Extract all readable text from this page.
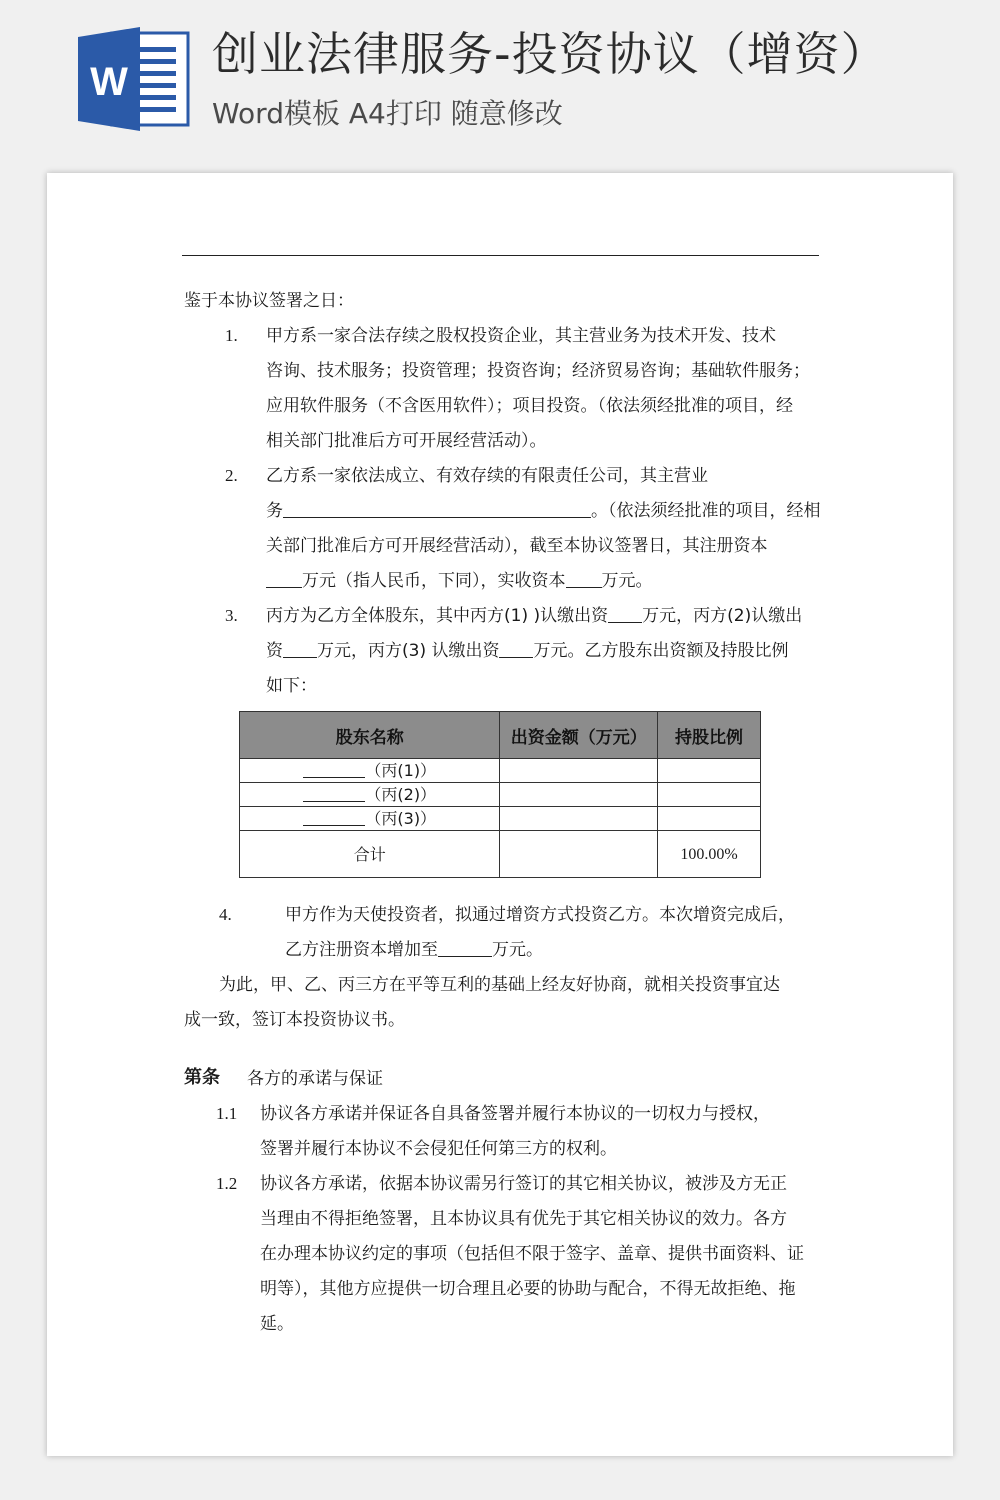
W
创业法律服务-投资协议（增资）
Word模板 A4打印 随意修改
鉴于本协议签署之日：
1. 甲方系一家合法存续之股权投资企业，其主营业务为技术开发、技术
咨询、技术服务；投资管理；投资咨询；经济贸易咨询；基础软件服务；
应用软件服务（不含医用软件）；项目投资。（依法须经批准的项目，经
相关部门批准后方可开展经营活动）。
2. 乙方系一家依法成立、有效存续的有限责任公司，其主营业
务	。（依法须经批准的项目，经相
关部门批准后方可开展经营活动），截至本协议签署日，其注册资本
万元（指人民币，下同），实收资本 万元。
3. 丙方为乙方全体股东，其中丙方(1) )认缴出资 万元，丙方(2)认缴出
资 万元，丙方(3) 认缴出资 万元。乙方股东出资额及持股比例
如下：
股东名称	出资金额（万元）	持股比例
（丙(1)）		
（丙(2)）		
（丙(3)）		
合计		100.00%
4.	甲方作为天使投资者，拟通过增资方式投资乙方。本次增资完成后，
乙方注册资本增加至	万元。
为此，甲、乙、丙三方在平等互利的基础上经友好协商，就相关投资事宜达
成一致，签订本投资协议书。
第条 各方的承诺与保证
1.1 协议各方承诺并保证各自具备签署并履行本协议的一切权力与授权，
签署并履行本协议不会侵犯任何第三方的权利。
1.2 协议各方承诺，依据本协议需另行签订的其它相关协议，被涉及方无正
当理由不得拒绝签署，且本协议具有优先于其它相关协议的效力。各方
在办理本协议约定的事项（包括但不限于签字、盖章、提供书面资料、证
明等），其他方应提供一切合理且必要的协助与配合，不得无故拒绝、拖
延。
